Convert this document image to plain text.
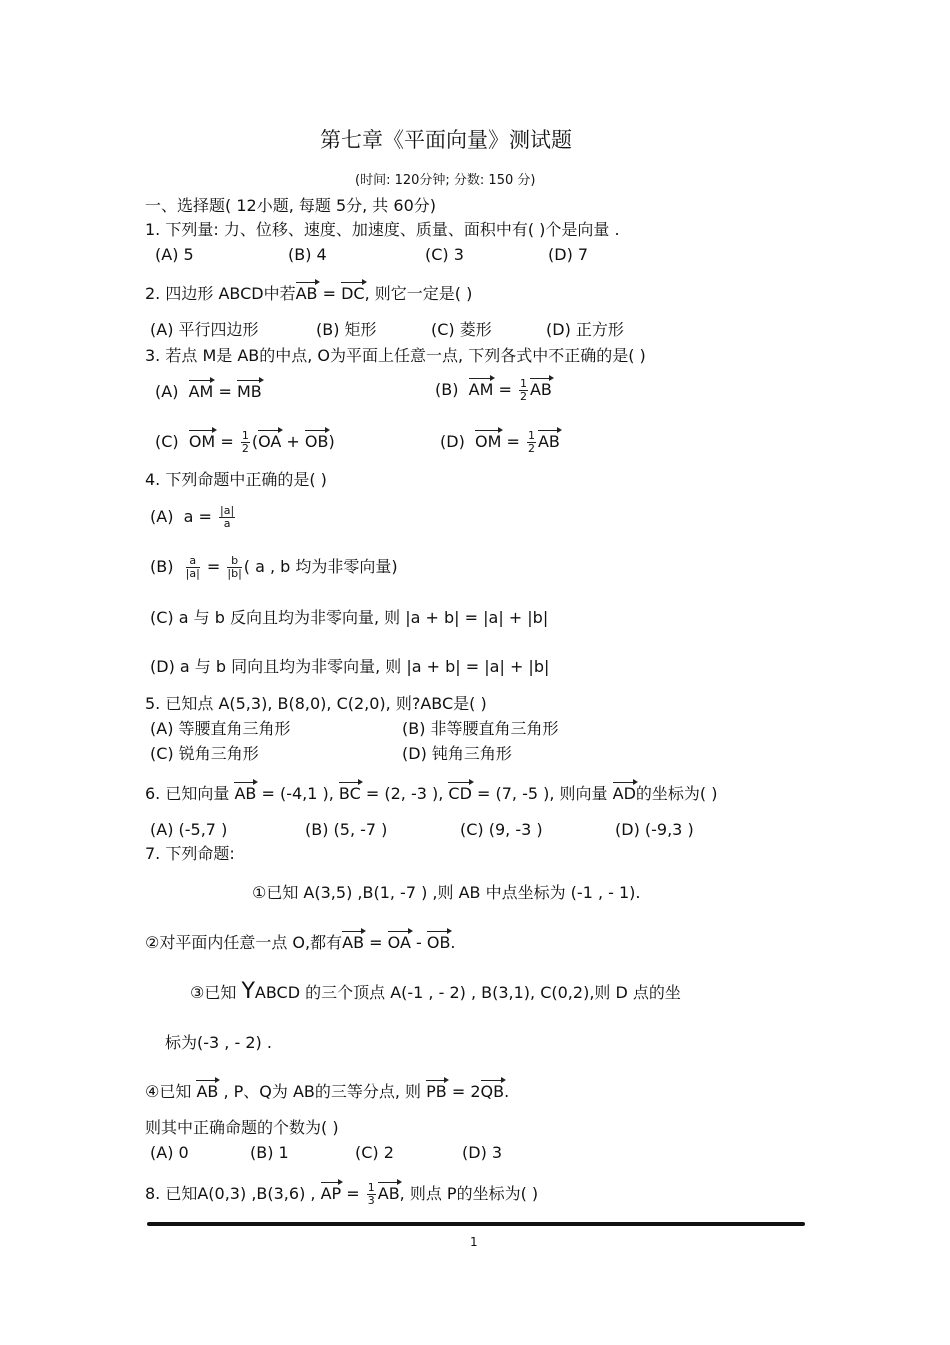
第七章《平面向量》测试题
(时间: 120分钟; 分数: 150 分)
一、选择题( 12小题, 每题 5分, 共 60分)
1. 下列量: 力、位移、速度、加速度、质量、面积中有( )个是向量 .
(A) 5	(B) 4	(C) 3	(D) 7
2. 四边形 ABCD中若AB = DC, 则它一定是( )
(A) 平行四边形	(B) 矩形	(C) 菱形	(D) 正方形
3. 若点 M是 AB的中点, O为平面上任意一点, 下列各式中不正确的是( )
(A) AM = MB	(B) AM = $\frac{1}{2}$ AB
(C) OM = $\frac{1}{2} (OA + OB)$	(D) OM = $\frac{1}{2}$ AB
4. 下列命题中正确的是( )
(A) $a = \frac{|a|}{a}$
$(B) \frac{a}{|a|} = \frac{b}{|b|}$ ( a , b 均为非零向量)
(C) a 与 b 反向且均为非零向量, 则 |a + b| = |a| + |b|
(D) a 与 b 同向且均为非零向量, 则 |a + b| = |a| + |b|
5. 已知点 A(5,3), B(8,0), C(2,0), 则?ABC是( )
(A) 等腰直角三角形	(B) 非等腰直角三角形
(C) 锐角三角形	(D) 钝角三角形
6. 已知向量 AB = (-4,1 ), BC = (2, -3 ), CD = (7, -5 ), 则向量 AD的坐标为( )
(A) (-5,7 )	(B) (5, -7 )	(C) (9, -3 )	(D) (-9,3 )
7. 下列命题:
①已知 A(3,5) ,B(1, -7 ) ,则 AB 中点坐标为 (-1 , - 1).
②对平面内任意一点 O,都有AB = OA - OB.
③已知 YABCD 的三个顶点 A(-1 , - 2) , B(3,1), C(0,2),则 D 点的坐
标为(-3 , - 2) .
④已知 AB , P、Q为 AB的三等分点, 则 PB = 2QB.
则其中正确命题的个数为( )
(A) 0	(B) 1	(C) 2	(D) 3
8. 已知A(0,3) ,B(3,6) , AP = $\frac{1}{3}$ AB, 则点 P的坐标为( )
1
